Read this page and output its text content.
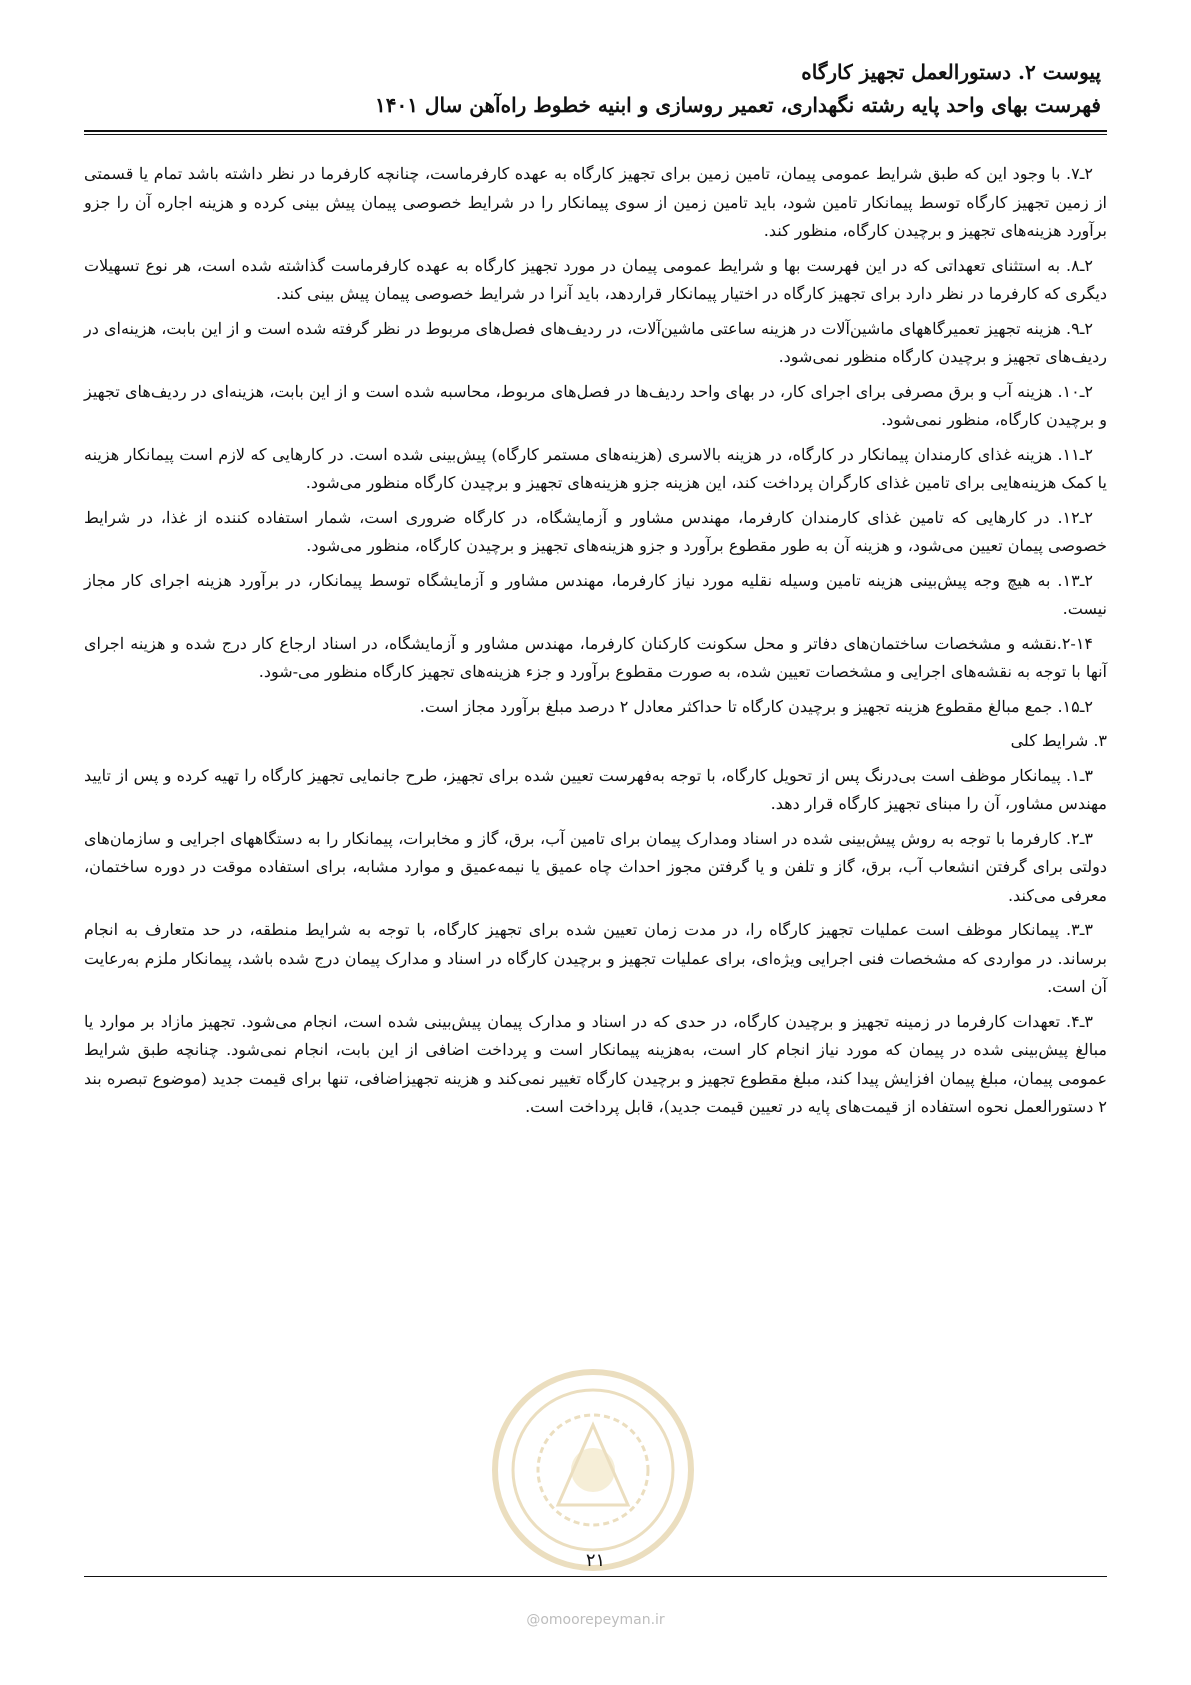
پیوست ۲. دستورالعمل تجهیز کارگاه
فهرست بهای واحد پایه رشته نگهداری، تعمیر روسازی و ابنیه خطوط راه‌آهن سال ۱۴۰۱

۲ـ۷. با وجود این که طبق شرایط عمومی پیمان، تامین زمین برای تجهیز کارگاه به عهده کارفرماست، چنانچه کارفرما در نظر داشته باشد تمام یا قسمتی از زمین تجهیز کارگاه توسط پیمانکار تامین شود، باید تامین زمین از سوی پیمانکار را در شرایط خصوصی پیمان پیش بینی کرده و هزینه اجاره آن را جزو برآورد هزینه‌های تجهیز و برچیدن کارگاه، منظور کند.

۲ـ۸. به استثنای تعهداتی که در این فهرست بها و شرایط عمومی پیمان در مورد تجهیز کارگاه به عهده کارفرماست گذاشته شده است، هر نوع تسهیلات دیگری که کارفرما در نظر دارد برای تجهیز کارگاه در اختیار پیمانکار قراردهد، باید آنرا در شرایط خصوصی پیمان پیش بینی کند.

۲ـ۹. هزینه تجهیز تعمیرگاههای ماشین‌آلات در هزینه ساعتی ماشین‌آلات، در ردیف‌های فصل‌های مربوط در نظر گرفته شده است و از این بابت، هزینه‌ای در ردیف‌های تجهیز و برچیدن کارگاه منظور نمی‌شود.

۲ـ۱۰. هزینه آب و برق مصرفی برای اجرای کار، در بهای واحد ردیف‌ها در فصل‌های مربوط، محاسبه شده است و از این بابت، هزینه‌ای در ردیف‌های تجهیز و برچیدن کارگاه، منظور نمی‌شود.

۲ـ۱۱. هزینه غذای کارمندان پیمانکار در کارگاه، در هزینه بالاسری (هزینه‌های مستمر کارگاه) پیش‌بینی شده است. در کارهایی که لازم است پیمانکار هزینه یا کمک هزینه‌هایی برای تامین غذای کارگران پرداخت کند، این هزینه جزو هزینه‌های تجهیز و برچیدن کارگاه منظور می‌شود.

۲ـ۱۲. در کارهایی که تامین غذای کارمندان کارفرما، مهندس مشاور و آزمایشگاه، در کارگاه ضروری است، شمار استفاده کننده از غذا، در شرایط خصوصی پیمان تعیین می‌شود، و هزینه آن به طور مقطوع برآورد و جزو هزینه‌های تجهیز و برچیدن کارگاه، منظور می‌شود.

۲ـ۱۳. به هیچ وجه پیش‌بینی هزینه تامین وسیله نقلیه مورد نیاز کارفرما، مهندس مشاور و آزمایشگاه توسط پیمانکار، در برآورد هزینه اجرای کار مجاز نیست.

۲-۱۴.نقشه و مشخصات ساختمان‌های دفاتر و محل سکونت کارکنان کارفرما، مهندس مشاور و آزمایشگاه، در اسناد ارجاع کار درج شده و هزینه اجرای آنها با توجه به نقشه‌های اجرایی و مشخصات تعیین شده، به صورت مقطوع برآورد و جزء هزینه‌های تجهیز کارگاه منظور می-شود.

۲ـ۱۵. جمع مبالغ مقطوع هزینه تجهیز و برچیدن کارگاه تا حداکثر معادل ۲ درصد مبلغ برآورد مجاز است.

۳. شرایط کلی

۳ـ۱. پیمانکار موظف است بی‌درنگ پس از تحویل کارگاه، با توجه به‌فهرست تعیین شده برای تجهیز، طرح جانمایی تجهیز کارگاه را تهیه کرده و پس از تایید مهندس مشاور، آن را مبنای تجهیز کارگاه قرار دهد.

۳ـ۲. کارفرما با توجه به روش پیش‌بینی شده در اسناد ومدارک پیمان برای تامین آب، برق، گاز و مخابرات، پیمانکار را به دستگاههای اجرایی و سازمان‌های دولتی برای گرفتن انشعاب آب، برق، گاز و تلفن و یا گرفتن مجوز احداث چاه عمیق یا نیمه‌عمیق و موارد مشابه، برای استفاده موقت در دوره ساختمان، معرفی می‌کند.

۳ـ۳. پیمانکار موظف است عملیات تجهیز کارگاه را، در مدت زمان تعیین شده برای تجهیز کارگاه، با توجه به شرایط منطقه، در حد متعارف به انجام برساند. در مواردی که مشخصات فنی اجرایی ویژه‌ای، برای عملیات تجهیز و برچیدن کارگاه در اسناد و مدارک پیمان درج شده باشد، پیمانکار ملزم به‌رعایت آن است.

۳ـ۴. تعهدات کارفرما در زمینه تجهیز و برچیدن کارگاه، در حدی که در اسناد و مدارک پیمان پیش‌بینی شده است، انجام می‌شود. تجهیز مازاد بر موارد یا مبالغ پیش‌بینی شده در پیمان که مورد نیاز انجام کار است، به‌هزینه پیمانکار است و پرداخت اضافی از این بابت، انجام نمی‌شود. چنانچه طبق شرایط عمومی پیمان، مبلغ پیمان افزایش پیدا کند، مبلغ مقطوع تجهیز و برچیدن کارگاه تغییر نمی‌کند و هزینه تجهیزاضافی، تنها برای قیمت جدید (موضوع تبصره بند ۲ دستورالعمل نحوه استفاده از قیمت‌های پایه در تعیین قیمت جدید)، قابل پرداخت است.

۲۱
@omoorepeyman.ir
